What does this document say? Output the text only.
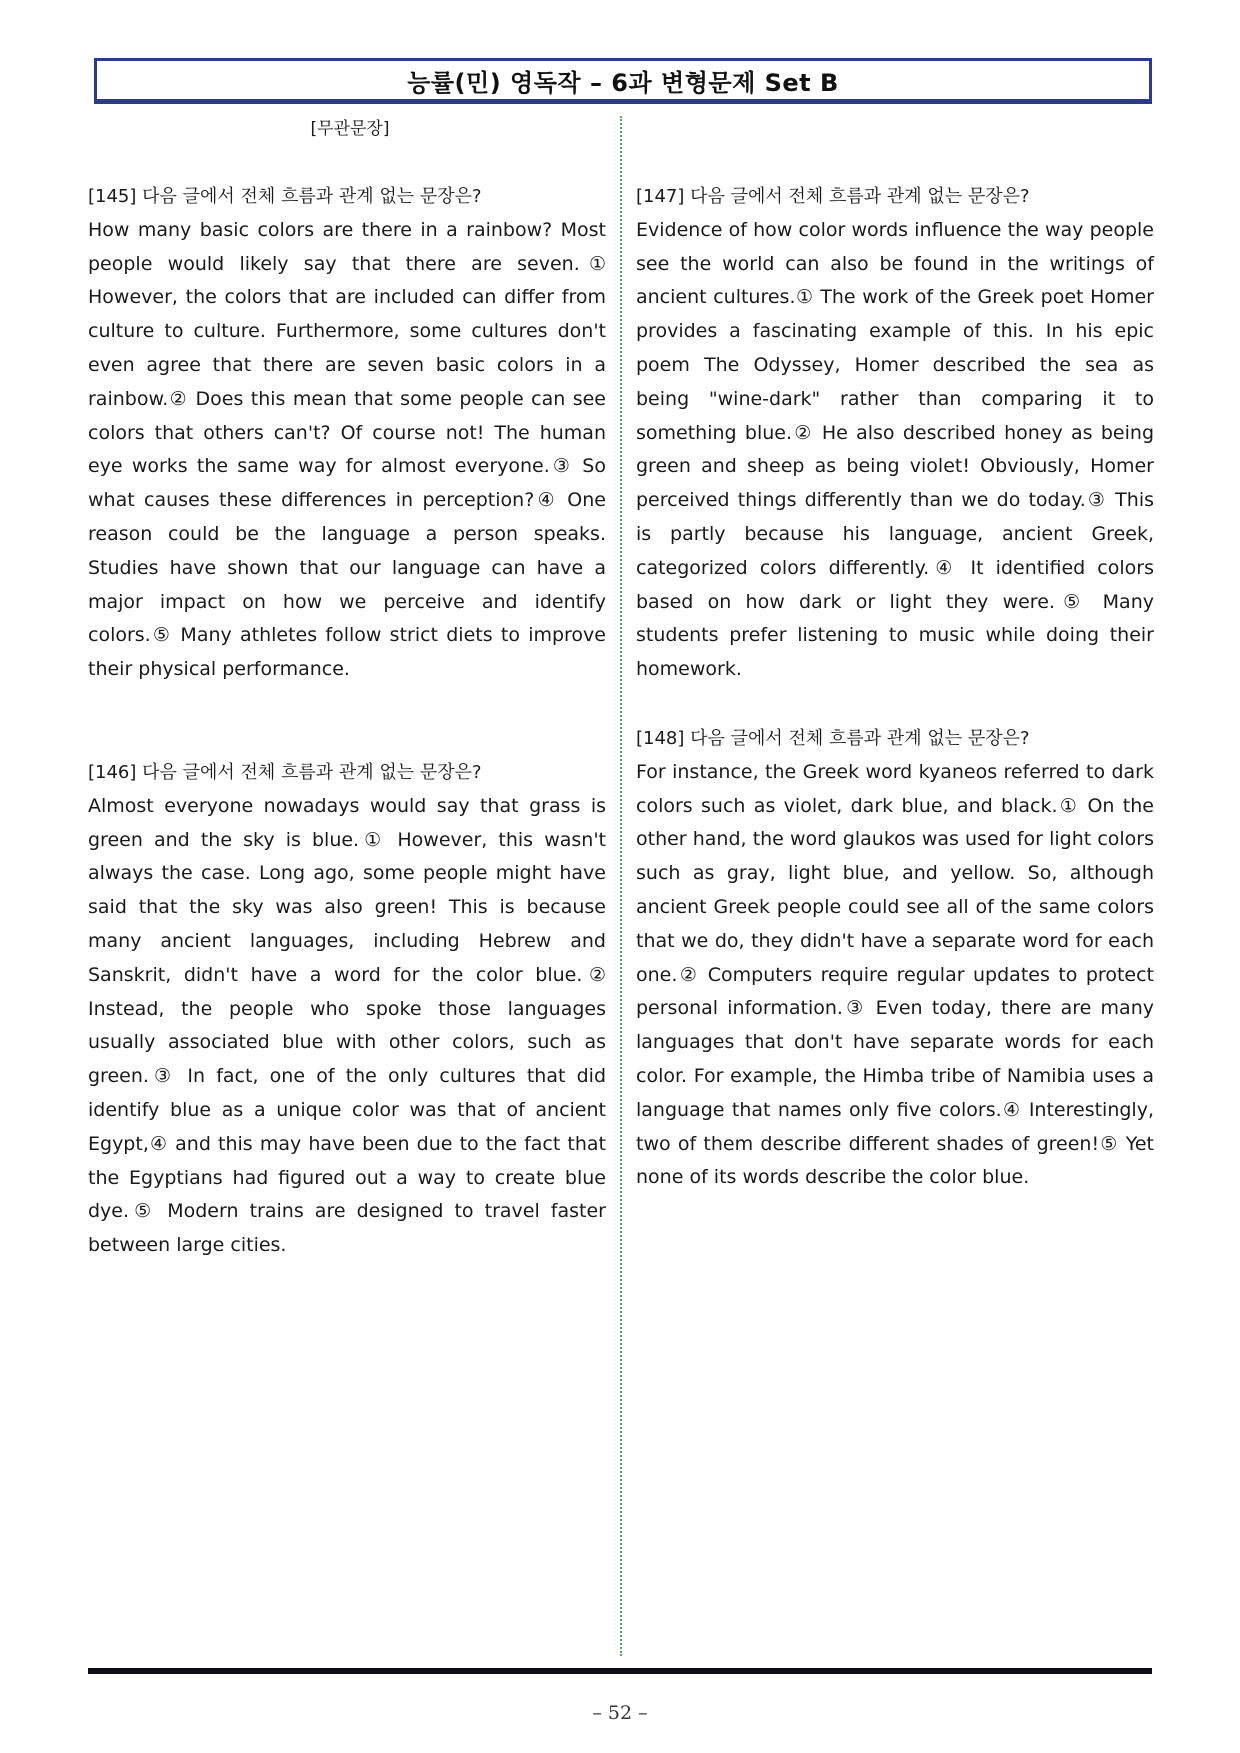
능률(민) 영독작 – 6과 변형문제 Set B
[무관문장]
[145] 다음 글에서 전체 흐름과 관계 없는 문장은?
How many basic colors are there in a rainbow? Most people would likely say that there are seven.① However, the colors that are included can differ from culture to culture. Furthermore, some cultures don't even agree that there are seven basic colors in a rainbow.② Does this mean that some people can see colors that others can't? Of course not! The human eye works the same way for almost everyone.③ So what causes these differences in perception?④ One reason could be the language a person speaks. Studies have shown that our language can have a major impact on how we perceive and identify colors.⑤ Many athletes follow strict diets to improve their physical performance.
[146] 다음 글에서 전체 흐름과 관계 없는 문장은?
Almost everyone nowadays would say that grass is green and the sky is blue.① However, this wasn't always the case. Long ago, some people might have said that the sky was also green! This is because many ancient languages, including Hebrew and Sanskrit, didn't have a word for the color blue.② Instead, the people who spoke those languages usually associated blue with other colors, such as green.③ In fact, one of the only cultures that did identify blue as a unique color was that of ancient Egypt,④ and this may have been due to the fact that the Egyptians had figured out a way to create blue dye.⑤ Modern trains are designed to travel faster between large cities.
[147] 다음 글에서 전체 흐름과 관계 없는 문장은?
Evidence of how color words influence the way people see the world can also be found in the writings of ancient cultures.① The work of the Greek poet Homer provides a fascinating example of this. In his epic poem The Odyssey, Homer described the sea as being "wine-dark" rather than comparing it to something blue.② He also described honey as being green and sheep as being violet! Obviously, Homer perceived things differently than we do today.③ This is partly because his language, ancient Greek, categorized colors differently.④ It identified colors based on how dark or light they were.⑤ Many students prefer listening to music while doing their homework.
[148] 다음 글에서 전체 흐름과 관계 없는 문장은?
For instance, the Greek word kyaneos referred to dark colors such as violet, dark blue, and black.① On the other hand, the word glaukos was used for light colors such as gray, light blue, and yellow. So, although ancient Greek people could see all of the same colors that we do, they didn't have a separate word for each one.② Computers require regular updates to protect personal information.③ Even today, there are many languages that don't have separate words for each color. For example, the Himba tribe of Namibia uses a language that names only five colors.④ Interestingly, two of them describe different shades of green!⑤ Yet none of its words describe the color blue.
– 52 –
